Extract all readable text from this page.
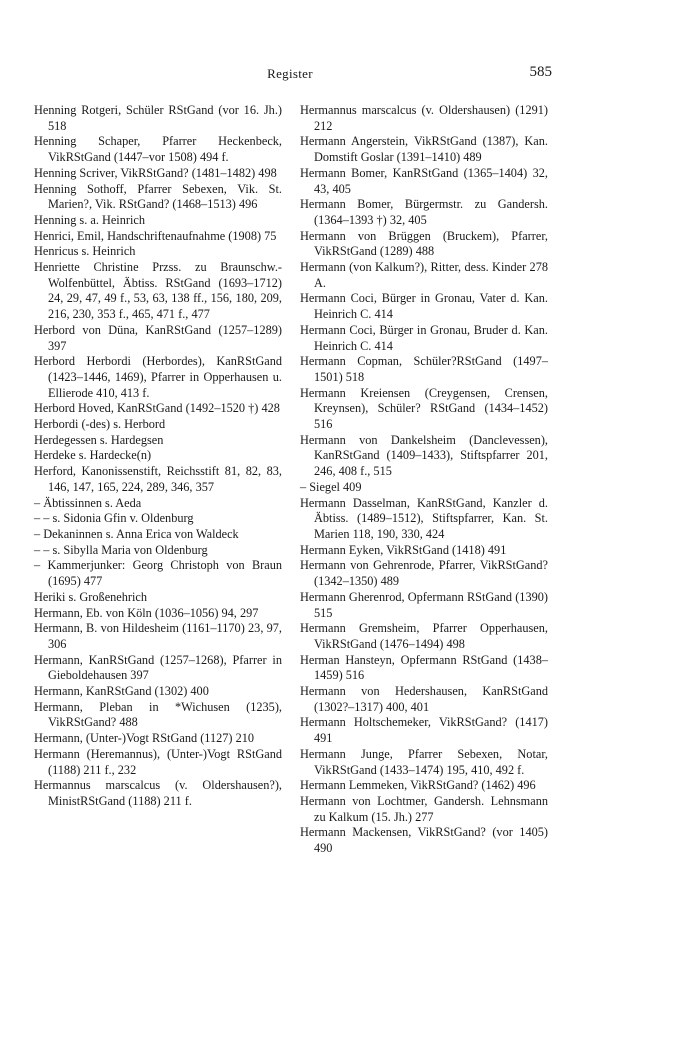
Register	585

Henning Rotgeri, Schüler RStGand (vor 16. Jh.) 518

Henning Schaper, Pfarrer Heckenbeck, VikRStGand (1447–vor 1508) 494 f.

Henning Scriver, VikRStGand? (1481–1482) 498

Henning Sothoff, Pfarrer Sebexen, Vik. St. Marien?, Vik. RStGand? (1468–1513) 496

Henning s. a. Heinrich

Henrici, Emil, Handschriftenaufnahme (1908) 75

Henricus s. Heinrich

Henriette Christine Przss. zu Braunschw.-Wolfenbüttel, Äbtiss. RStGand (1693–1712) 24, 29, 47, 49 f., 53, 63, 138 ff., 156, 180, 209, 216, 230, 353 f., 465, 471 f., 477

Herbord von Düna, KanRStGand (1257–1289) 397

Herbord Herbordi (Herbordes), KanRStGand (1423–1446, 1469), Pfarrer in Opperhausen u. Ellierode 410, 413 f.

Herbord Hoved, KanRStGand (1492–1520 †) 428

Herbordi (-des) s. Herbord

Herdegessen s. Hardegsen

Herdeke s. Hardecke(n)

Herford, Kanonissenstift, Reichsstift 81, 82, 83, 146, 147, 165, 224, 289, 346, 357

– Äbtissinnen s. Aeda

– – s. Sidonia Gfin v. Oldenburg

– Dekaninnen s. Anna Erica von Waldeck

– – s. Sibylla Maria von Oldenburg

– Kammerjunker: Georg Christoph von Braun (1695) 477

Heriki s. Großenehrich

Hermann, Eb. von Köln (1036–1056) 94, 297

Hermann, B. von Hildesheim (1161–1170) 23, 97, 306

Hermann, KanRStGand (1257–1268), Pfarrer in Gieboldehausen 397

Hermann, KanRStGand (1302) 400

Hermann, Pleban in *Wichusen (1235), VikRStGand? 488

Hermann, (Unter-)Vogt RStGand (1127) 210

Hermann (Heremannus), (Unter-)Vogt RStGand (1188) 211 f., 232

Hermannus marscalcus (v. Oldershausen?), MinistRStGand (1188) 211 f.

Hermannus marscalcus (v. Oldershausen) (1291) 212

Hermann Angerstein, VikRStGand (1387), Kan. Domstift Goslar (1391–1410) 489

Hermann Bomer, KanRStGand (1365–1404) 32, 43, 405

Hermann Bomer, Bürgermstr. zu Gandersh. (1364–1393 †) 32, 405

Hermann von Brüggen (Bruckem), Pfarrer, VikRStGand (1289) 488

Hermann (von Kalkum?), Ritter, dess. Kinder 278 A.

Hermann Coci, Bürger in Gronau, Vater d. Kan. Heinrich C. 414

Hermann Coci, Bürger in Gronau, Bruder d. Kan. Heinrich C. 414

Hermann Copman, Schüler?RStGand (1497–1501) 518

Hermann Kreiensen (Creygensen, Crensen, Kreynsen), Schüler? RStGand (1434–1452) 516

Hermann von Dankelsheim (Danclevessen), KanRStGand (1409–1433), Stiftspfarrer 201, 246, 408 f., 515

– Siegel 409

Hermann Dasselman, KanRStGand, Kanzler d. Äbtiss. (1489–1512), Stiftspfarrer, Kan. St. Marien 118, 190, 330, 424

Hermann Eyken, VikRStGand (1418) 491

Hermann von Gehrenrode, Pfarrer, VikRStGand? (1342–1350) 489

Hermann Gherenrod, Opfermann RStGand (1390) 515

Hermann Gremsheim, Pfarrer Opperhausen, VikRStGand (1476–1494) 498

Herman Hansteyn, Opfermann RStGand (1438–1459) 516

Hermann von Hedershausen, KanRStGand (1302?–1317) 400, 401

Hermann Holtschemeker, VikRStGand? (1417) 491

Hermann Junge, Pfarrer Sebexen, Notar, VikRStGand (1433–1474) 195, 410, 492 f.

Hermann Lemmeken, VikRStGand? (1462) 496

Hermann von Lochtmer, Gandersh. Lehnsmann zu Kalkum (15. Jh.) 277

Hermann Mackensen, VikRStGand? (vor 1405) 490
